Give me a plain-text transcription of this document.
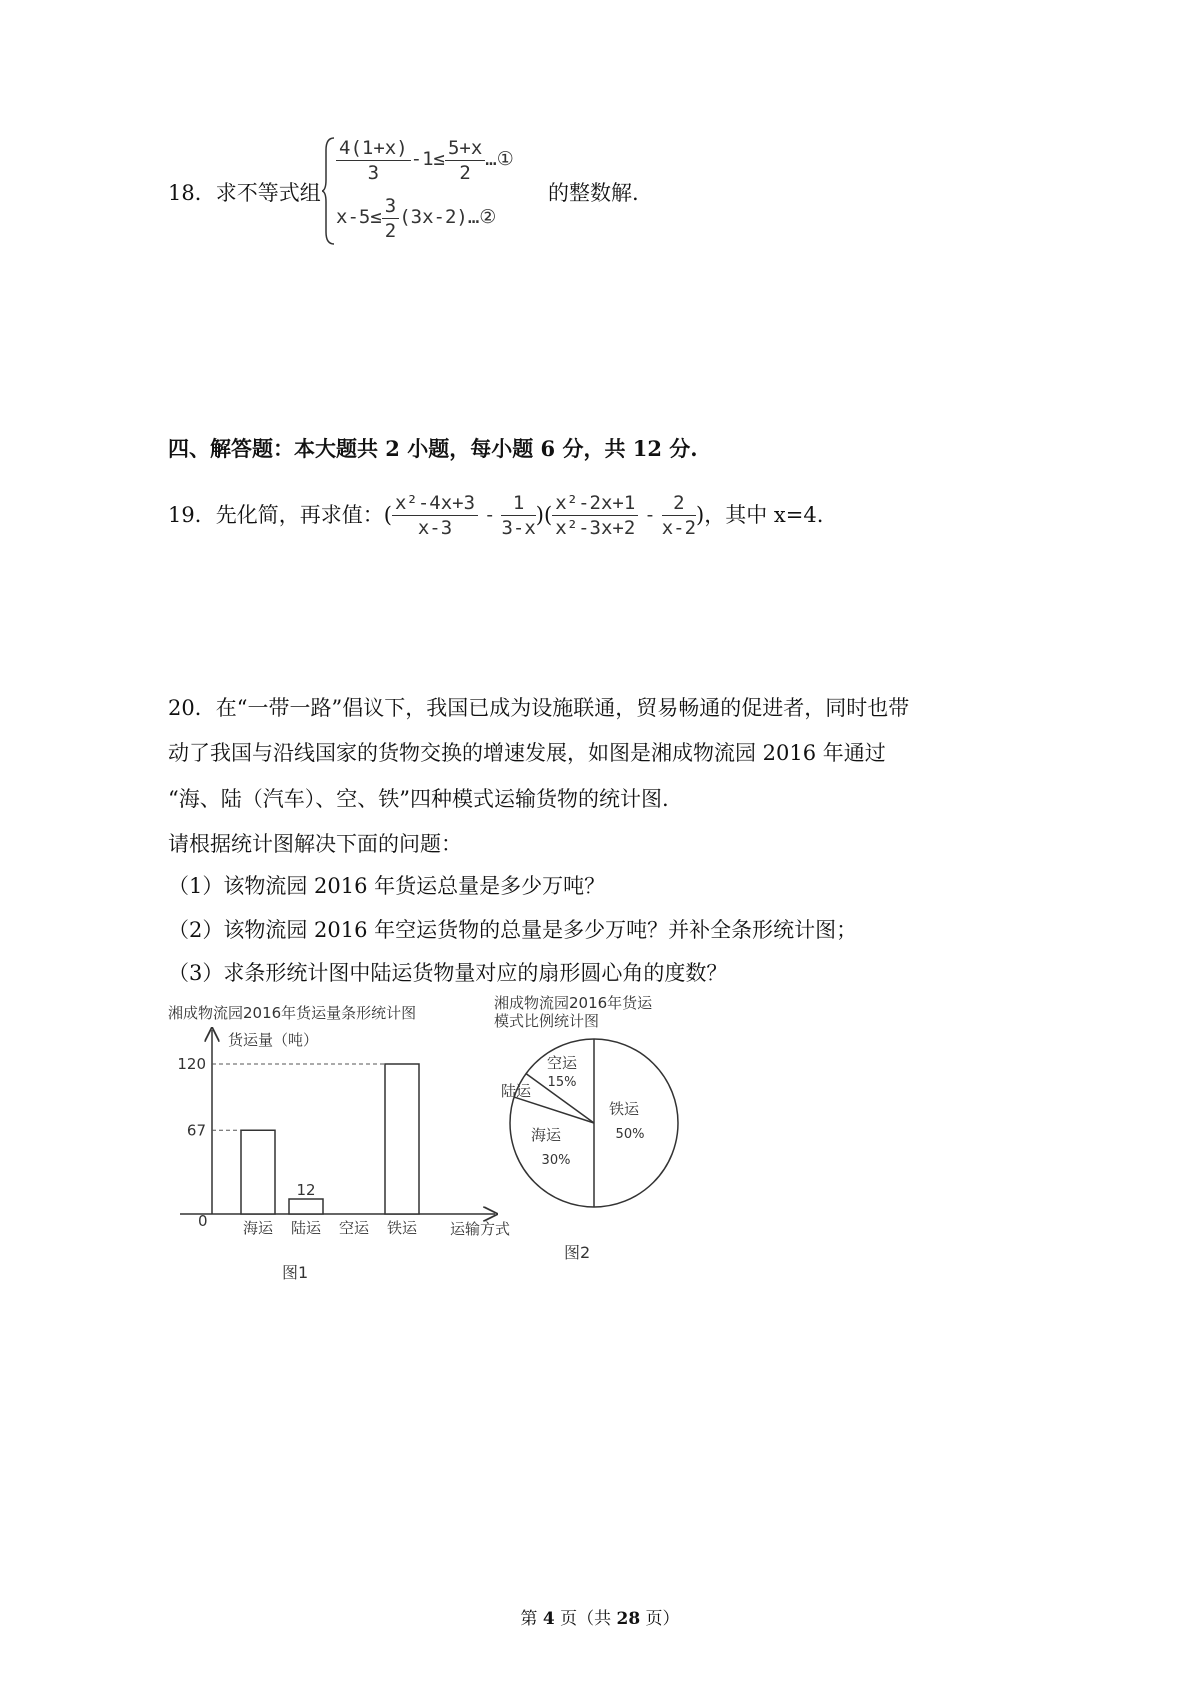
18．求不等式组
$\frac{4(1+x)}{3} -1\le \frac{5+x}{2}$ …①
$x-5\le \frac{3}{2}$ (3x-2)…②
的整数解.
四、解答题：本大题共 2 小题，每小题 6 分，共 12 分.
19． 先化简，再求值：( $\frac{\text{x²-4x+3}}{x-3} - \frac{1}{3-x}$ )( $\frac{\text{x²-2x+1}}{\text{x²-3x+2}} - \frac{2}{x-2}$ )，其中 x=4.
20．在“一带一路”倡议下，我国已成为设施联通，贸易畅通的促进者，同时也带
动了我国与沿线国家的货物交换的增速发展，如图是湘成物流园 2016 年通过
“海、陆（汽车）、空、铁”四种模式运输货物的统计图.
请根据统计图解决下面的问题：
（1）该物流园 2016 年货运总量是多少万吨？
（2）该物流园 2016 年空运货物的总量是多少万吨？并补全条形统计图；
（3）求条形统计图中陆运货物量对应的扇形圆心角的度数？
湘成物流园2016年货运量条形统计图
货运量（吨）
运输方式
0 海运 陆运
12
空运 铁运
67
120
图1
湘成物流园2016年货运
模式比例统计图
铁运
50%
海运
30%
陆运
空运
15%
图2
第 4 页（共 28 页）
